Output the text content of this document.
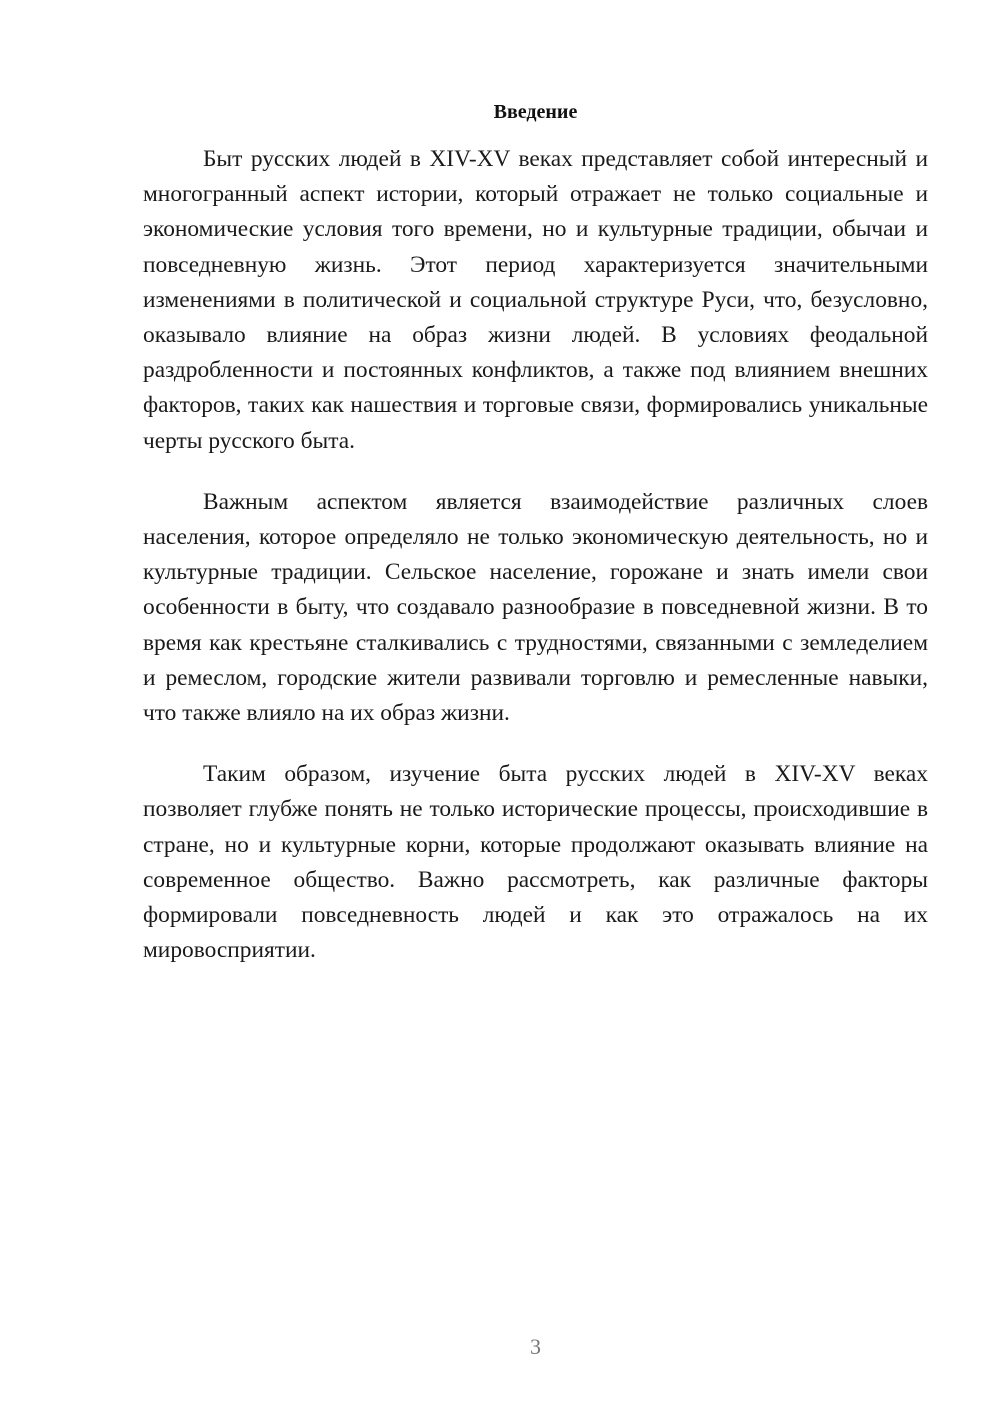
Введение

Быт русских людей в XIV-XV веках представляет собой интересный и многогранный аспект истории, который отражает не только социальные и экономические условия того времени, но и культурные традиции, обычаи и повседневную жизнь. Этот период характеризуется значительными изменениями в политической и социальной структуре Руси, что, безусловно, оказывало влияние на образ жизни людей. В условиях феодальной раздробленности и постоянных конфликтов, а также под влиянием внешних факторов, таких как нашествия и торговые связи, формировались уникальные черты русского быта.

Важным аспектом является взаимодействие различных слоев населения, которое определяло не только экономическую деятельность, но и культурные традиции. Сельское население, горожане и знать имели свои особенности в быту, что создавало разнообразие в повседневной жизни. В то время как крестьяне сталкивались с трудностями, связанными с земледелием и ремеслом, городские жители развивали торговлю и ремесленные навыки, что также влияло на их образ жизни.

Таким образом, изучение быта русских людей в XIV-XV веках позволяет глубже понять не только исторические процессы, происходившие в стране, но и культурные корни, которые продолжают оказывать влияние на современное общество. Важно рассмотреть, как различные факторы формировали повседневность людей и как это отражалось на их мировосприятии.

3
